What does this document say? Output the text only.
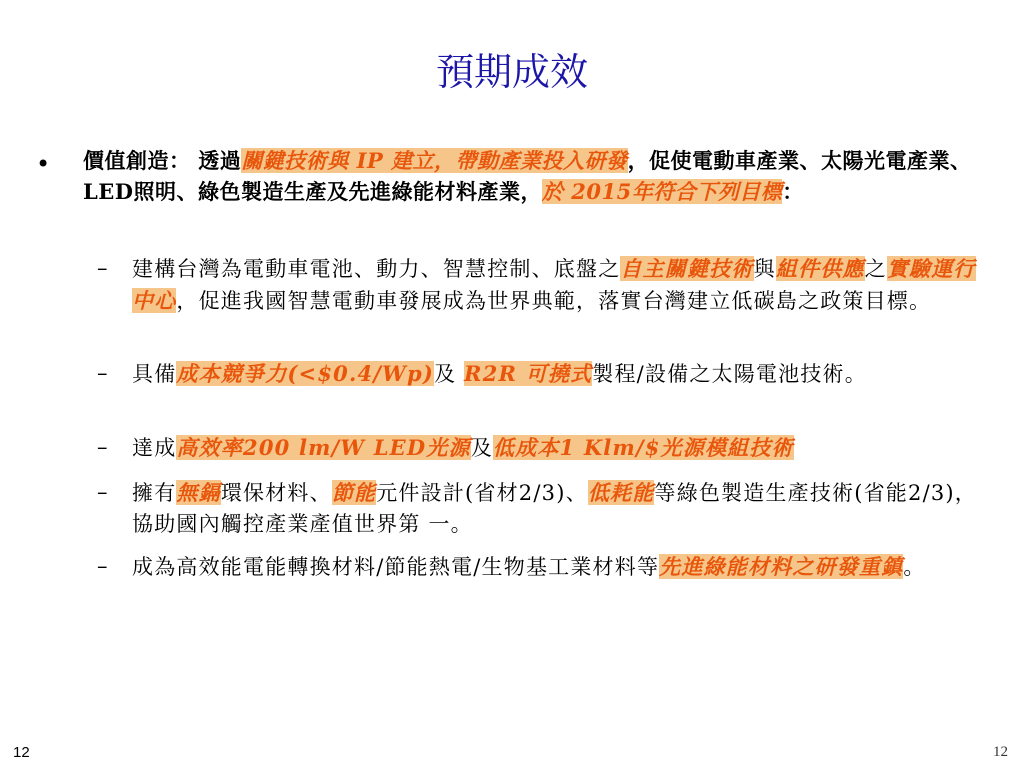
預期成效
• 價值創造： 透過關鍵技術與 IP 建立，帶動產業投入研發，促使電動車產業、太陽光電產業、LED照明、綠色製造生產及先進綠能材料產業，於 2015年符合下列目標：
– 建構台灣為電動車電池、動力、智慧控制、底盤之自主關鍵技術與組件供應之實驗運行中心，促進我國智慧電動車發展成為世界典範，落實台灣建立低碳島之政策目標。
– 具備成本競爭力(<$0.4/Wp)及 R2R 可撓式製程/設備之太陽電池技術。
– 達成高效率200 lm/W LED光源及低成本1 Klm/$光源模組技術
– 擁有無鎘環保材料、節能元件設計(省材2/3)、低耗能等綠色製造生產技術(省能2/3)，協助國內觸控產業產值世界第 一。
– 成為高效能電能轉換材料/節能熱電/生物基工業材料等先進綠能材料之研發重鎮。
12	12
